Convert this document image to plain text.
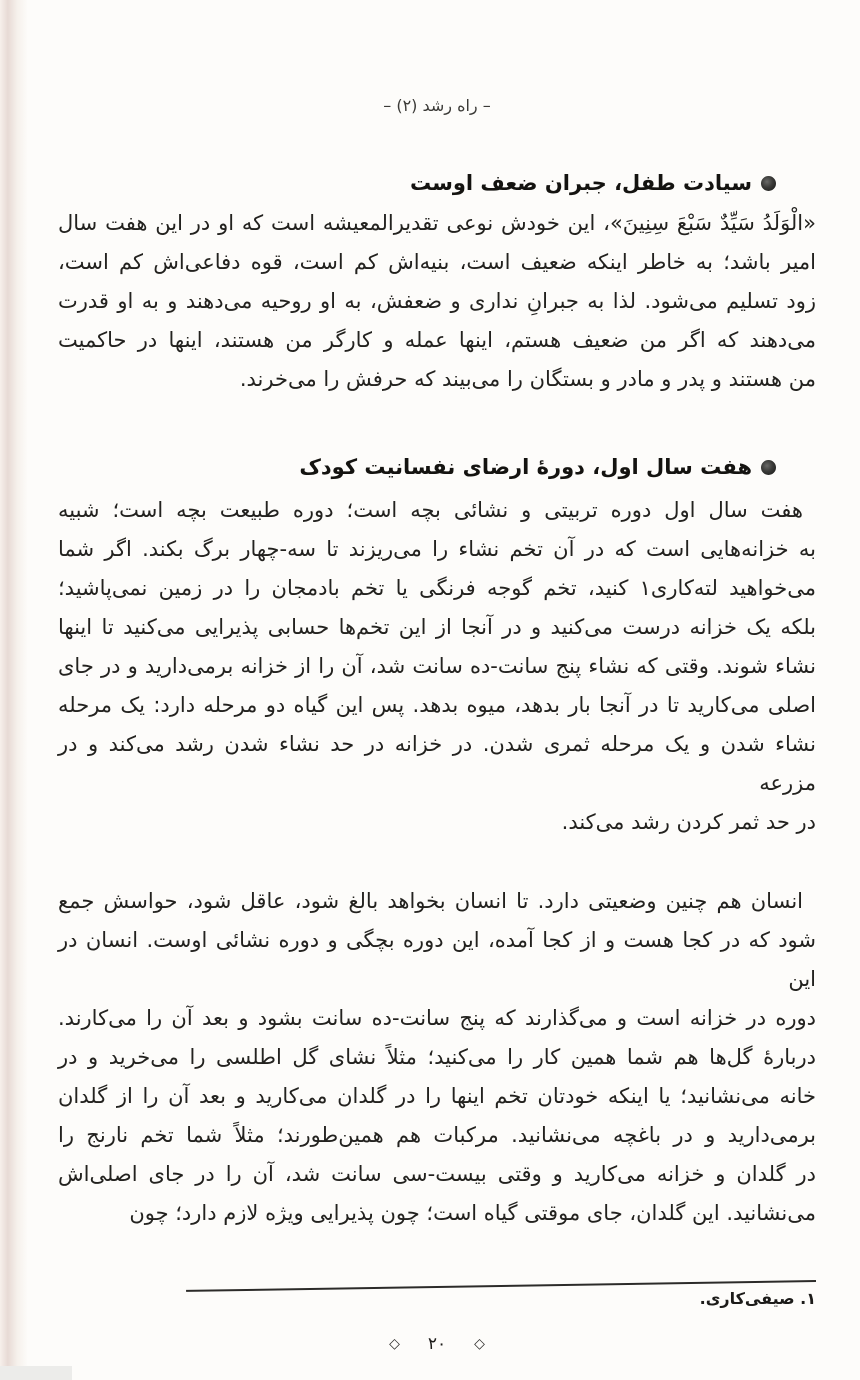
– راه رشد (۲) –
سیادت طفل، جبران ضعف اوست
«الْوَلَدُ سَیِّدٌ سَبْعَ سِنِینَ»، این خودش نوعی تقدیرالمعیشه است که او در این هفت سال
امیر باشد؛ به خاطر اینکه ضعیف است، بنیه‌اش کم است، قوه دفاعی‌اش کم است،
زود تسلیم می‌شود. لذا به جبرانِ نداری و ضعفش، به او روحیه می‌دهند و به او قدرت
می‌دهند که اگر من ضعیف هستم، اینها عمله و کارگر من هستند، اینها در حاکمیت
من هستند و پدر و مادر و بستگان را می‌بیند که حرفش را می‌خرند.
هفت سال اول، دورهٔ ارضای نفسانیت کودک
هفت سال اول دوره تربیتی و نشائی بچه است؛ دوره طبیعت بچه است؛ شبیه
به خزانه‌هایی است که در آن تخم نشاء را می‌ریزند تا سه-چهار برگ بکند. اگر شما
می‌خواهید لته‌کاری۱ کنید، تخم گوجه فرنگی یا تخم بادمجان را در زمین نمی‌پاشید؛
بلکه یک خزانه درست می‌کنید و در آنجا از این تخم‌ها حسابی پذیرایی می‌کنید تا اینها
نشاء شوند. وقتی که نشاء پنج سانت-ده سانت شد، آن را از خزانه برمی‌دارید و در جای
اصلی می‌کارید تا در آنجا بار بدهد، میوه بدهد. پس این گیاه دو مرحله دارد: یک مرحله
نشاء شدن و یک مرحله ثمری شدن. در خزانه در حد نشاء شدن رشد می‌کند و در مزرعه
در حد ثمر کردن رشد می‌کند.
انسان هم چنین وضعیتی دارد. تا انسان بخواهد بالغ شود، عاقل شود، حواسش جمع
شود که در کجا هست و از کجا آمده، این دوره بچگی و دوره نشائی اوست. انسان در این
دوره در خزانه است و می‌گذارند که پنج سانت-ده سانت بشود و بعد آن را می‌کارند.
دربارهٔ گل‌ها هم شما همین کار را می‌کنید؛ مثلاً نشای گل اطلسی را می‌خرید و در
خانه می‌نشانید؛ یا اینکه خودتان تخم اینها را در گلدان می‌کارید و بعد آن را از گلدان
برمی‌دارید و در باغچه می‌نشانید. مرکبات هم همین‌طورند؛ مثلاً شما تخم نارنج را
در گلدان و خزانه می‌کارید و وقتی بیست-سی سانت شد، آن را در جای اصلی‌اش
می‌نشانید. این گلدان، جای موقتی گیاه است؛ چون پذیرایی ویژه لازم دارد؛ چون
۱. صیفی‌کاری.
◇ ۲۰ ◇
